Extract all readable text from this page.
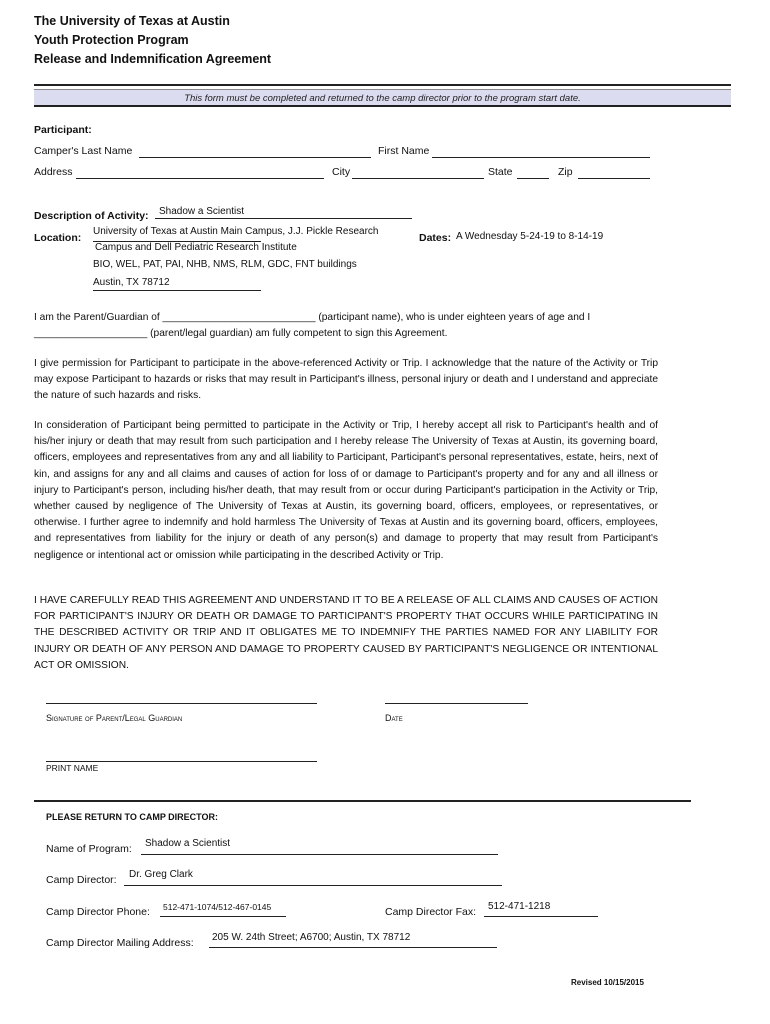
The University of Texas at Austin
Youth Protection Program
Release and Indemnification Agreement
This form must be completed and returned to the camp director prior to the program start date.
Participant:
Camper's Last Name	First Name
Address	City	State	Zip
Description of Activity: Shadow a Scientist
Location:
University of Texas at Austin Main Campus, J.J. Pickle Research
Campus and Dell Pediatric Research Institute
BIO, WEL, PAT, PAI, NHB, NMS, RLM, GDC, FNT buildings
Austin, TX 78712
Dates: A Wednesday 5-24-19 to 8-14-19
I am the Parent/Guardian of ___________________________ (participant name), who is under eighteen years of age and I
____________________ (parent/legal guardian) am fully competent to sign this Agreement.
I give permission for Participant to participate in the above-referenced Activity or Trip. I acknowledge that the nature of the Activity or Trip may expose Participant to hazards or risks that may result in Participant's illness, personal injury or death and I understand and appreciate the nature of such hazards and risks.
In consideration of Participant being permitted to participate in the Activity or Trip, I hereby accept all risk to Participant's health and of his/her injury or death that may result from such participation and I hereby release The University of Texas at Austin, its governing board, officers, employees and representatives from any and all liability to Participant, Participant's personal representatives, estate, heirs, next of kin, and assigns for any and all claims and causes of action for loss of or damage to Participant's property and for any and all illness or injury to Participant's person, including his/her death, that may result from or occur during Participant's participation in the Activity or Trip, whether caused by negligence of The University of Texas at Austin, its governing board, officers, employees, or representatives, or otherwise. I further agree to indemnify and hold harmless The University of Texas at Austin and its governing board, officers, employees, and representatives from liability for the injury or death of any person(s) and damage to property that may result from Participant's negligence or intentional act or omission while participating in the described Activity or Trip.
I HAVE CAREFULLY READ THIS AGREEMENT AND UNDERSTAND IT TO BE A RELEASE OF ALL CLAIMS AND CAUSES OF ACTION FOR PARTICIPANT'S INJURY OR DEATH OR DAMAGE TO PARTICIPANT'S PROPERTY THAT OCCURS WHILE PARTICIPATING IN THE DESCRIBED ACTIVITY OR TRIP AND IT OBLIGATES ME TO INDEMNIFY THE PARTIES NAMED FOR ANY LIABILITY FOR INJURY OR DEATH OF ANY PERSON AND DAMAGE TO PROPERTY CAUSED BY PARTICIPANT'S NEGLIGENCE OR INTENTIONAL ACT OR OMISSION.
Signature of Parent/Legal Guardian	Date
PRINT NAME
PLEASE RETURN TO CAMP DIRECTOR:
Name of Program: Shadow a Scientist
Camp Director: Dr. Greg Clark
Camp Director Phone: 512-471-1074/512-467-0145	Camp Director Fax: 512-471-1218
Camp Director Mailing Address: 205 W. 24th Street; A6700; Austin, TX 78712
Revised 10/15/2015
